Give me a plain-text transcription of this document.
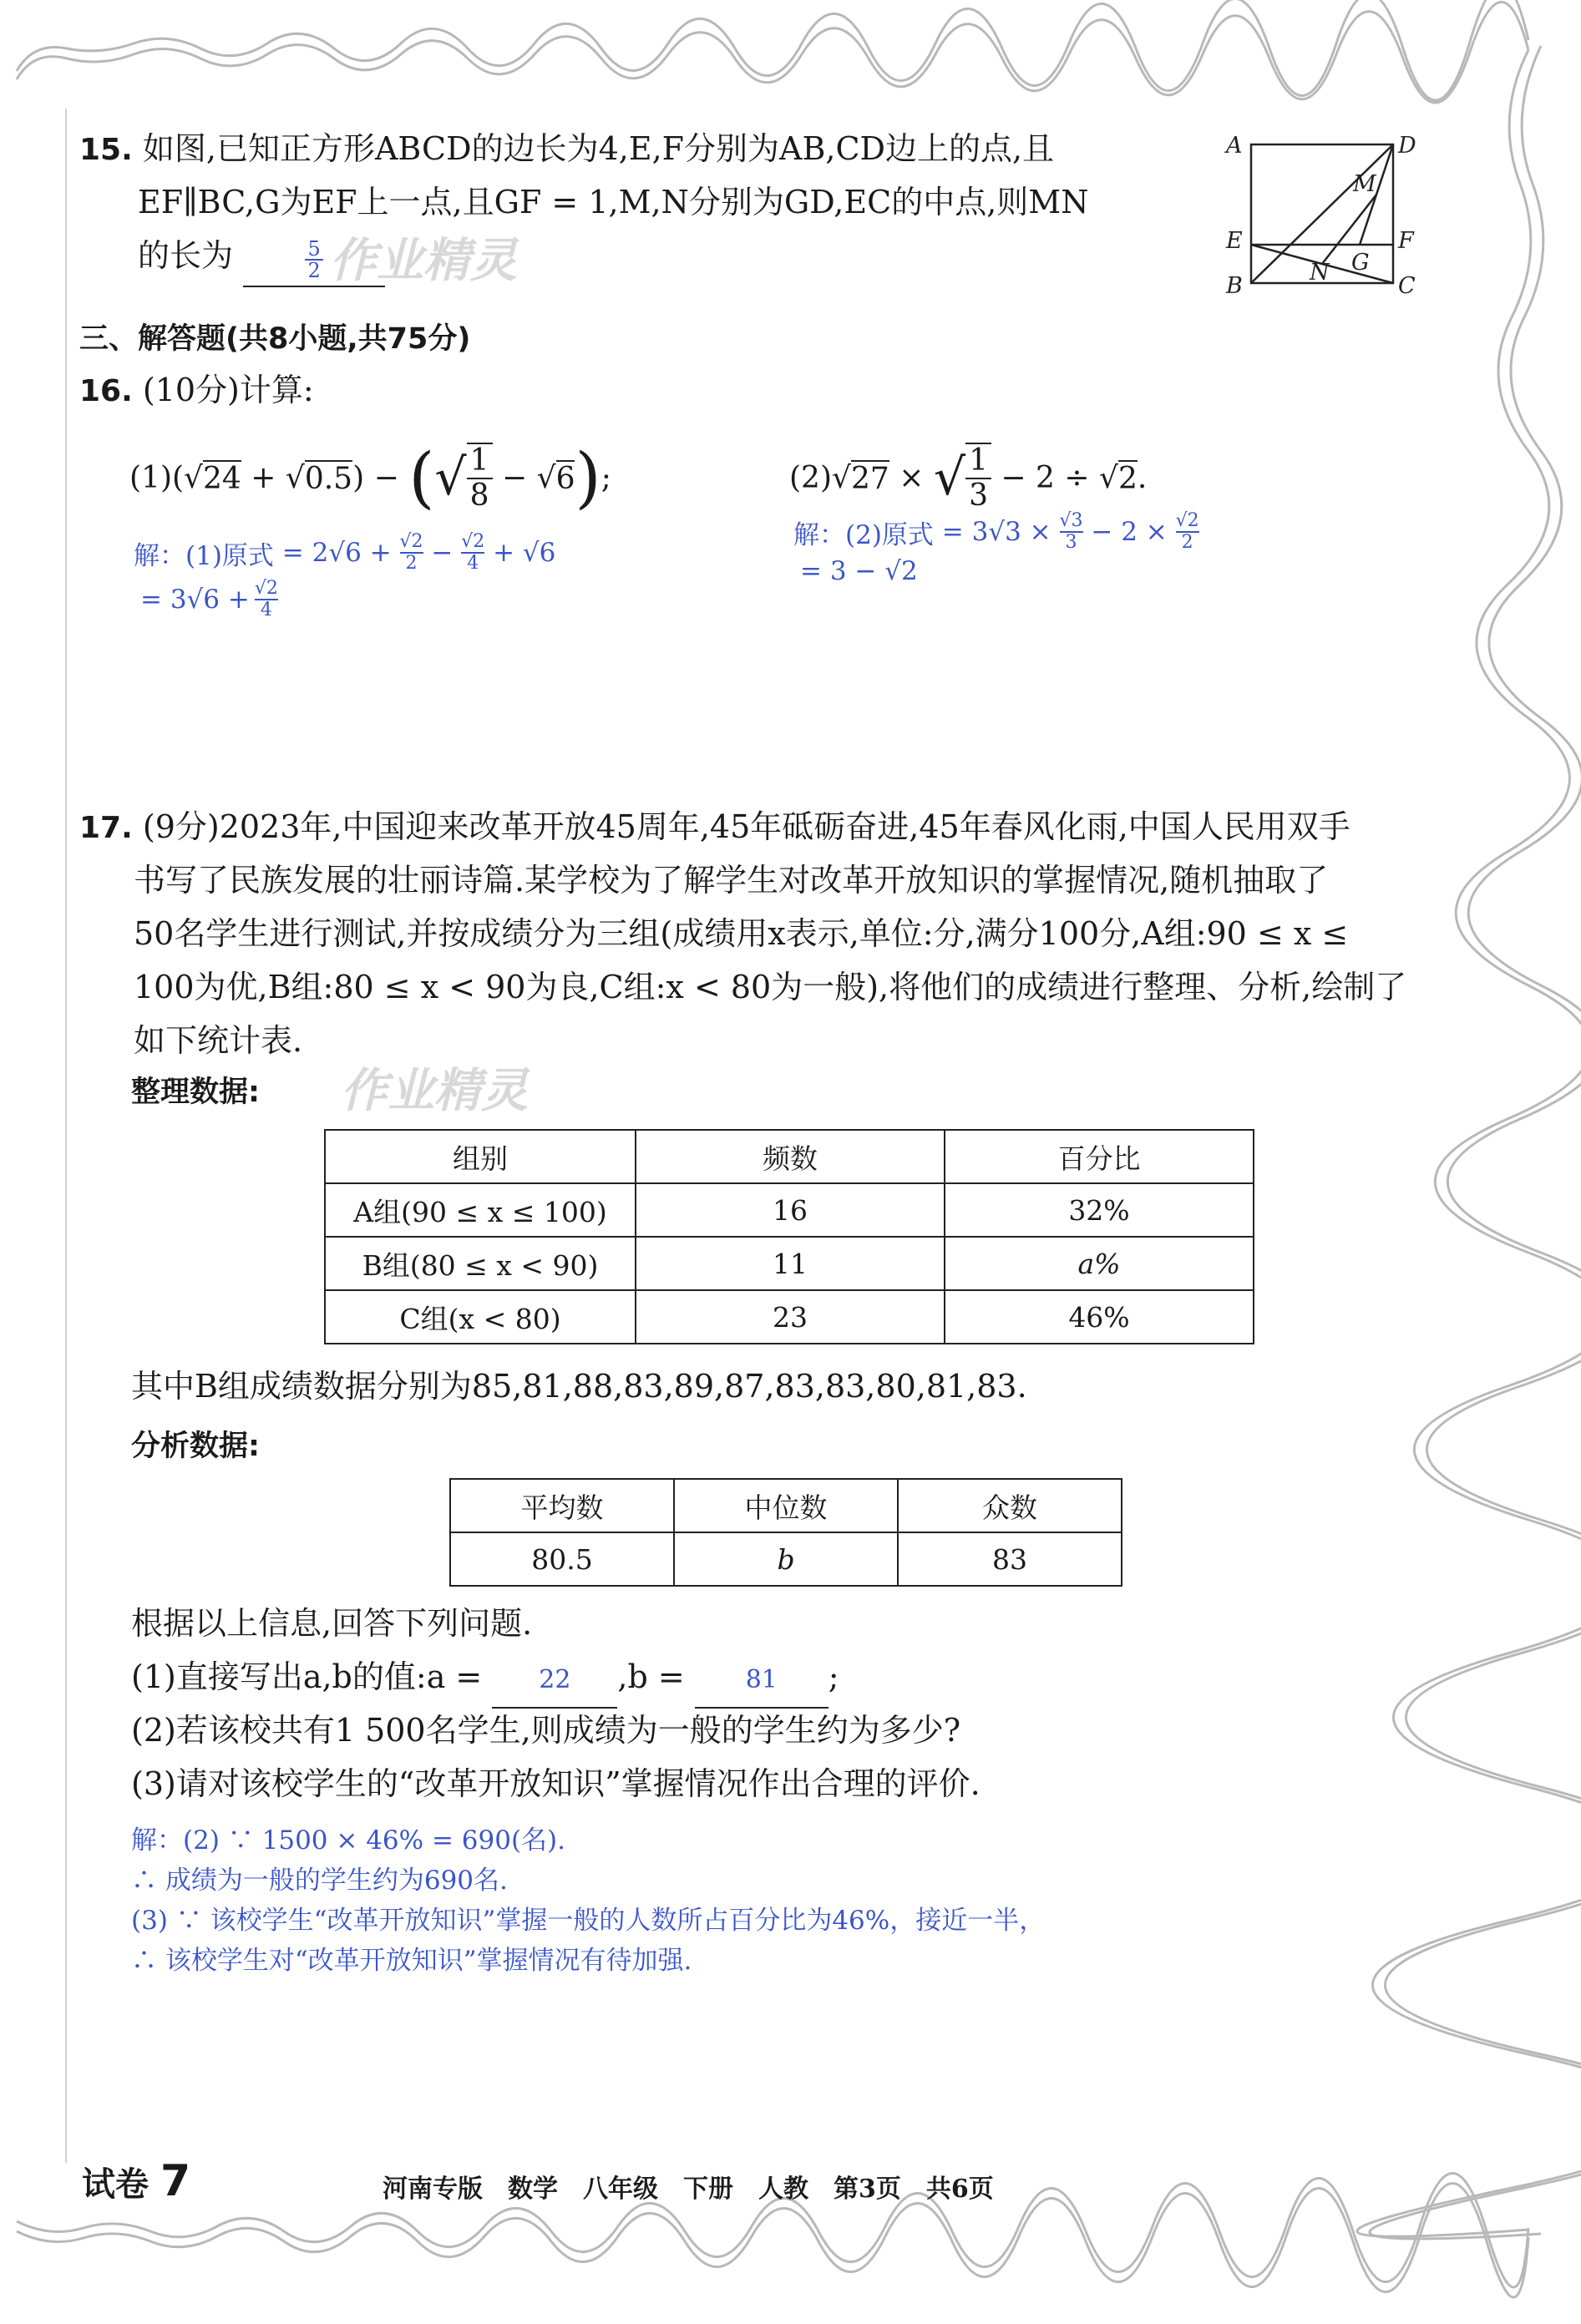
作业精灵
作业精灵
15. 如图,已知正方形ABCD的边长为4,E,F分别为AB,CD边上的点,且
EF∥BC,G为EF上一点,且GF = 1,M,N分别为GD,EC的中点,则MN
的长为	$\frac{5}{2}$
A	D
M
E	F
N G
B	C
三、解答题(共8小题,共75分)
16. (10分)计算:
(1) ( √ 24 + √ 0.5 ) − ( √ $\frac{1}{8}$ − √ 6 ) ;	(2) √ 27 × √ $\frac{1}{3} - 2$ ÷ √ 2 .
解：(1)原式 = $2√6 + \frac{√2}{2} - \frac{√2}{4} + √6$
= $3√6 + \frac{√2}{4}$
解：(2)原式 = $3√3 \times \frac{√3}{3} - 2 \times \frac{√2}{2}$
= 3 − √2
17. (9分)2023年,中国迎来改革开放45周年,45年砥砺奋进,45年春风化雨,中国人民用双手
书写了民族发展的壮丽诗篇.某学校为了解学生对改革开放知识的掌握情况,随机抽取了
50名学生进行测试,并按成绩分为三组(成绩用x表示,单位:分,满分100分,A组:90 ≤ x ≤
100为优,B组:80 ≤ x < 90为良,C组:x < 80为一般),将他们的成绩进行整理、分析,绘制了
如下统计表.
整理数据:
组别	频数	百分比
A组(90 ≤ x ≤ 100)	16	32%
B组(80 ≤ x < 90)	11	a%
C组(x < 80)	23	46%
其中B组成绩数据分别为85,81,88,83,89,87,83,83,80,81,83.
分析数据:
平均数	中位数	众数
80.5	b	83
根据以上信息,回答下列问题.
(1)直接写出a,b的值:a = 22 ,b = 81 ;
(2)若该校共有1 500名学生,则成绩为一般的学生约为多少?
(3)请对该校学生的“改革开放知识”掌握情况作出合理的评价.
解：(2) ∵ 1500 × 46% = 690(名).
∴ 成绩为一般的学生约为690名.
(3) ∵ 该校学生“改革开放知识”掌握一般的人数所占百分比为46%，接近一半，
∴ 该校学生对“改革开放知识”掌握情况有待加强.
试卷 7	河南专版　数学　八年级　下册　人教　第3页　共6页
